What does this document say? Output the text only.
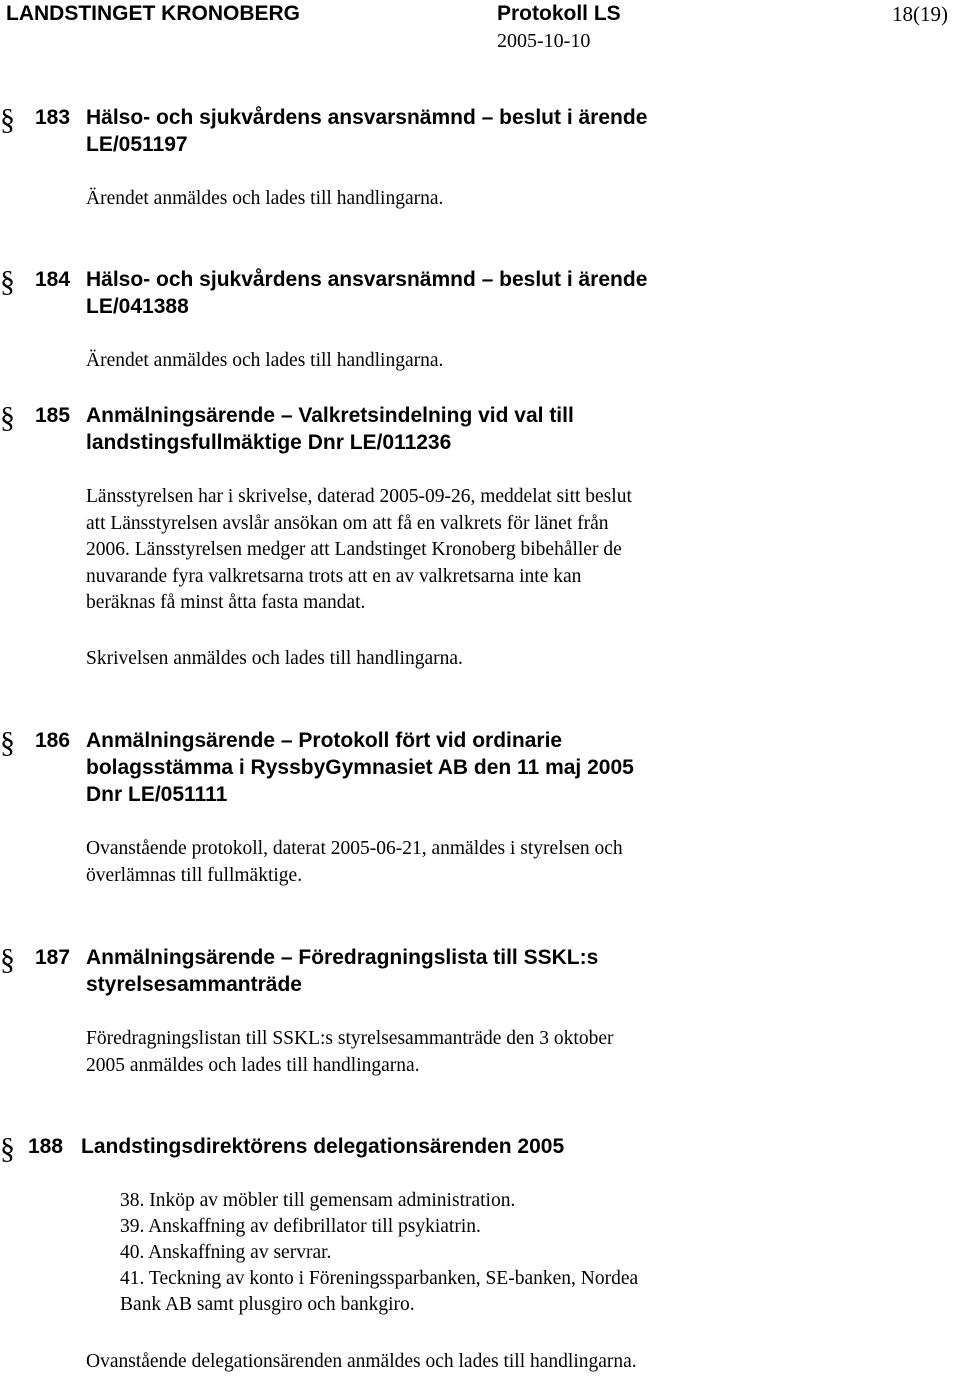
LANDSTINGET KRONOBERG	Protokoll LS	18(19)
2005-10-10
§ 183 Hälso- och sjukvårdens ansvarsnämnd – beslut i ärende
LE/051197
Ärendet anmäldes och lades till handlingarna.
§ 184 Hälso- och sjukvårdens ansvarsnämnd – beslut i ärende
LE/041388
Ärendet anmäldes och lades till handlingarna.
§ 185 Anmälningsärende – Valkretsindelning vid val till
landstingsfullmäktige Dnr LE/011236
Länsstyrelsen har i skrivelse, daterad 2005-09-26, meddelat sitt beslut
att Länsstyrelsen avslår ansökan om att få en valkrets för länet från
2006. Länsstyrelsen medger att Landstinget Kronoberg bibehåller de
nuvarande fyra valkretsarna trots att en av valkretsarna inte kan
beräknas få minst åtta fasta mandat.
Skrivelsen anmäldes och lades till handlingarna.
§ 186 Anmälningsärende – Protokoll fört vid ordinarie
bolagsstämma i RyssbyGymnasiet AB den 11 maj 2005
Dnr LE/051111
Ovanstående protokoll, daterat 2005-06-21, anmäldes i styrelsen och
överlämnas till fullmäktige.
§ 187 Anmälningsärende – Föredragningslista till SSKL:s
styrelsesammanträde
Föredragningslistan till SSKL:s styrelsesammanträde den 3 oktober
2005 anmäldes och lades till handlingarna.
§ 188 Landstingsdirektörens delegationsärenden 2005
38. Inköp av möbler till gemensam administration.
39. Anskaffning av defibrillator till psykiatrin.
40. Anskaffning av servrar.
41. Teckning av konto i Föreningssparbanken, SE-banken, Nordea
Bank AB samt plusgiro och bankgiro.
Ovanstående delegationsärenden anmäldes och lades till handlingarna.
